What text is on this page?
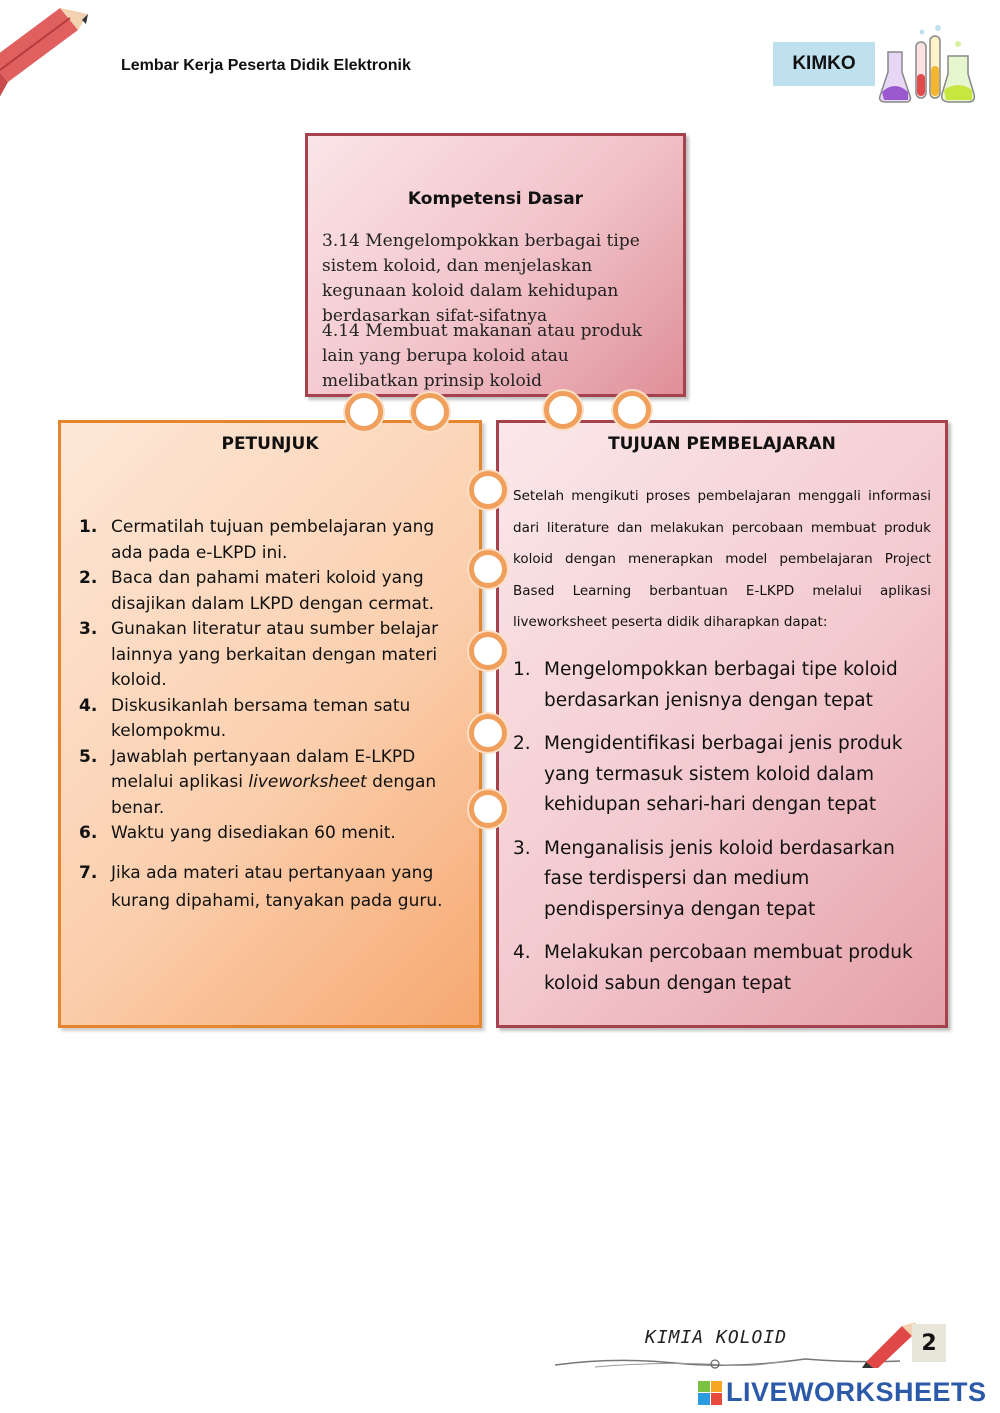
Lembar Kerja Peserta Didik Elektronik	KIMKO
Kompetensi Dasar
3.14 Mengelompokkan berbagai tipe sistem koloid, dan menjelaskan kegunaan koloid dalam kehidupan berdasarkan sifat-sifatnya
4.14 Membuat makanan atau produk lain yang berupa koloid atau melibatkan prinsip koloid
PETUNJUK
1. Cermatilah tujuan pembelajaran yang ada pada e-LKPD ini.
2. Baca dan pahami materi koloid yang disajikan dalam LKPD dengan cermat.
3. Gunakan literatur atau sumber belajar lainnya yang berkaitan dengan materi koloid.
4. Diskusikanlah bersama teman satu kelompokmu.
5. Jawablah pertanyaan dalam E-LKPD melalui aplikasi liveworksheet dengan benar.
6. Waktu yang disediakan 60 menit.
7. Jika ada materi atau pertanyaan yang kurang dipahami, tanyakan pada guru.
TUJUAN PEMBELAJARAN
Setelah mengikuti proses pembelajaran menggali informasi dari literature dan melakukan percobaan membuat produk koloid dengan menerapkan model pembelajaran Project Based Learning berbantuan E-LKPD melalui aplikasi liveworksheet peserta didik diharapkan dapat:
1. Mengelompokkan berbagai tipe koloid berdasarkan jenisnya dengan tepat
2. Mengidentifikasi berbagai jenis produk yang termasuk sistem koloid dalam kehidupan sehari-hari dengan tepat
3. Menganalisis jenis koloid berdasarkan fase terdispersi dan medium pendispersinya dengan tepat
4. Melakukan percobaan membuat produk koloid sabun dengan tepat
KIMIA KOLOID	2
LIVEWORKSHEETS
